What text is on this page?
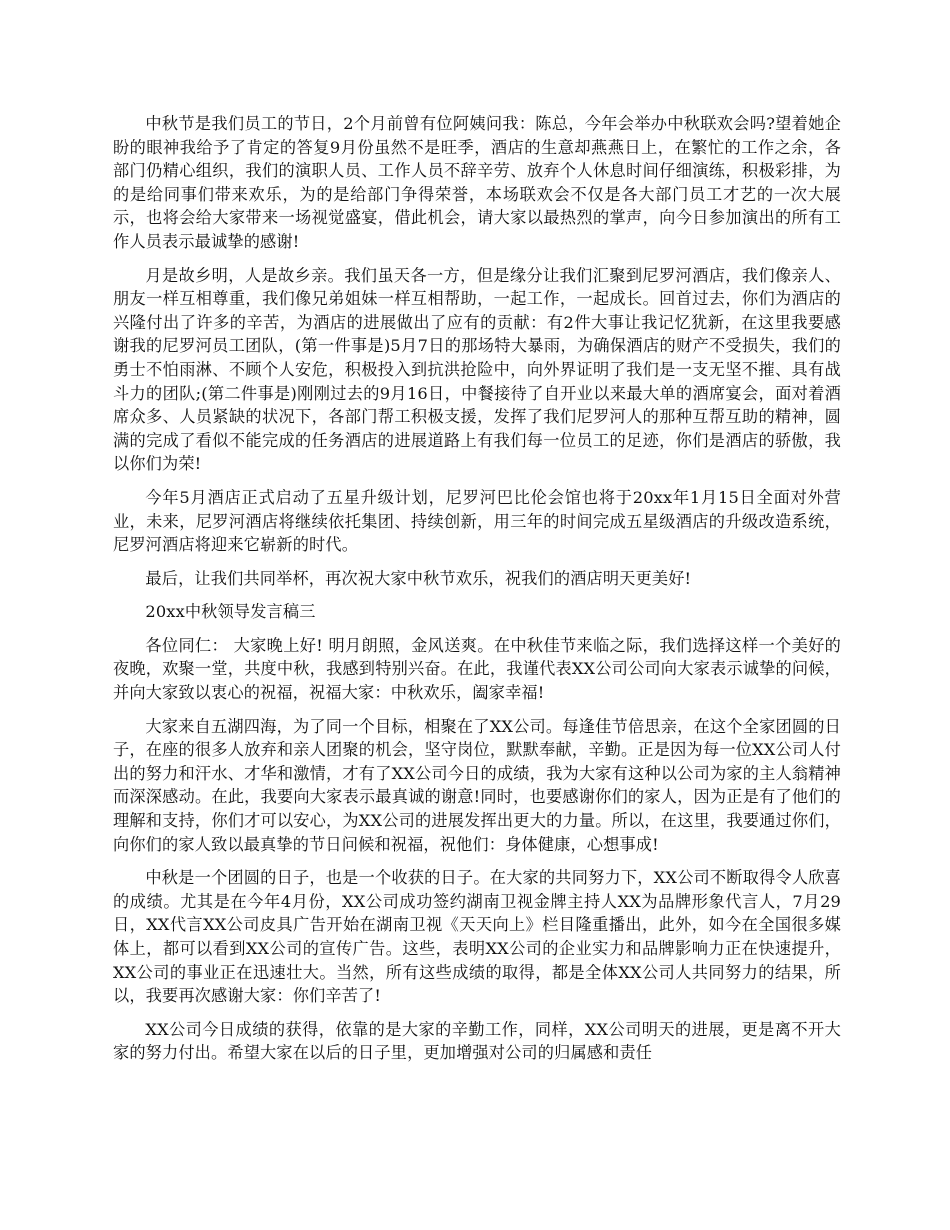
中秋节是我们员工的节日，2个月前曾有位阿姨问我：陈总，今年会举办中秋联欢会吗?望着她企盼的眼神我给予了肯定的答复9月份虽然不是旺季，酒店的生意却燕燕日上，在繁忙的工作之余，各部门仍精心组织，我们的演职人员、工作人员不辞辛劳、放弃个人休息时间仔细演练，积极彩排，为的是给同事们带来欢乐，为的是给部门争得荣誉，本场联欢会不仅是各大部门员工才艺的一次大展示，也将会给大家带来一场视觉盛宴，借此机会，请大家以最热烈的掌声，向今日参加演出的所有工作人员表示最诚挚的感谢!

月是故乡明，人是故乡亲。我们虽天各一方，但是缘分让我们汇聚到尼罗河酒店，我们像亲人、朋友一样互相尊重，我们像兄弟姐妹一样互相帮助，一起工作，一起成长。回首过去，你们为酒店的兴隆付出了许多的辛苦，为酒店的进展做出了应有的贡献：有2件大事让我记忆犹新，在这里我要感谢我的尼罗河员工团队，(第一件事是)5月7日的那场特大暴雨，为确保酒店的财产不受损失，我们的勇士不怕雨淋、不顾个人安危，积极投入到抗洪抢险中，向外界证明了我们是一支无坚不摧、具有战斗力的团队;(第二件事是)刚刚过去的9月16日，中餐接待了自开业以来最大单的酒席宴会，面对着酒席众多、人员紧缺的状况下，各部门帮工积极支援，发挥了我们尼罗河人的那种互帮互助的精神，圆满的完成了看似不能完成的任务酒店的进展道路上有我们每一位员工的足迹，你们是酒店的骄傲，我以你们为荣!

今年5月酒店正式启动了五星升级计划，尼罗河巴比伦会馆也将于20xx年1月15日全面对外营业，未来，尼罗河酒店将继续依托集团、持续创新，用三年的时间完成五星级酒店的升级改造系统，尼罗河酒店将迎来它崭新的时代。

最后，让我们共同举杯，再次祝大家中秋节欢乐，祝我们的酒店明天更美好!

20xx中秋领导发言稿三

各位同仁： 大家晚上好! 明月朗照，金风送爽。在中秋佳节来临之际，我们选择这样一个美好的夜晚，欢聚一堂，共度中秋，我感到特别兴奋。在此，我谨代表XX公司公司向大家表示诚挚的问候，并向大家致以衷心的祝福，祝福大家：中秋欢乐，阖家幸福!

大家来自五湖四海，为了同一个目标，相聚在了XX公司。每逢佳节倍思亲，在这个全家团圆的日子，在座的很多人放弃和亲人团聚的机会，坚守岗位，默默奉献，辛勤。正是因为每一位XX公司人付出的努力和汗水、才华和激情，才有了XX公司今日的成绩，我为大家有这种以公司为家的主人翁精神而深深感动。在此，我要向大家表示最真诚的谢意!同时，也要感谢你们的家人，因为正是有了他们的理解和支持，你们才可以安心，为XX公司的进展发挥出更大的力量。所以，在这里，我要通过你们，向你们的家人致以最真挚的节日问候和祝福，祝他们：身体健康，心想事成!

中秋是一个团圆的日子，也是一个收获的日子。在大家的共同努力下，XX公司不断取得令人欣喜的成绩。尤其是在今年4月份，XX公司成功签约湖南卫视金牌主持人XX为品牌形象代言人，7月29日，XX代言XX公司皮具广告开始在湖南卫视《天天向上》栏目隆重播出，此外，如今在全国很多媒体上，都可以看到XX公司的宣传广告。这些，表明XX公司的企业实力和品牌影响力正在快速提升，XX公司的事业正在迅速壮大。当然，所有这些成绩的取得，都是全体XX公司人共同努力的结果，所以，我要再次感谢大家：你们辛苦了!

XX公司今日成绩的获得，依靠的是大家的辛勤工作，同样，XX公司明天的进展，更是离不开大家的努力付出。希望大家在以后的日子里，更加增强对公司的归属感和责任
